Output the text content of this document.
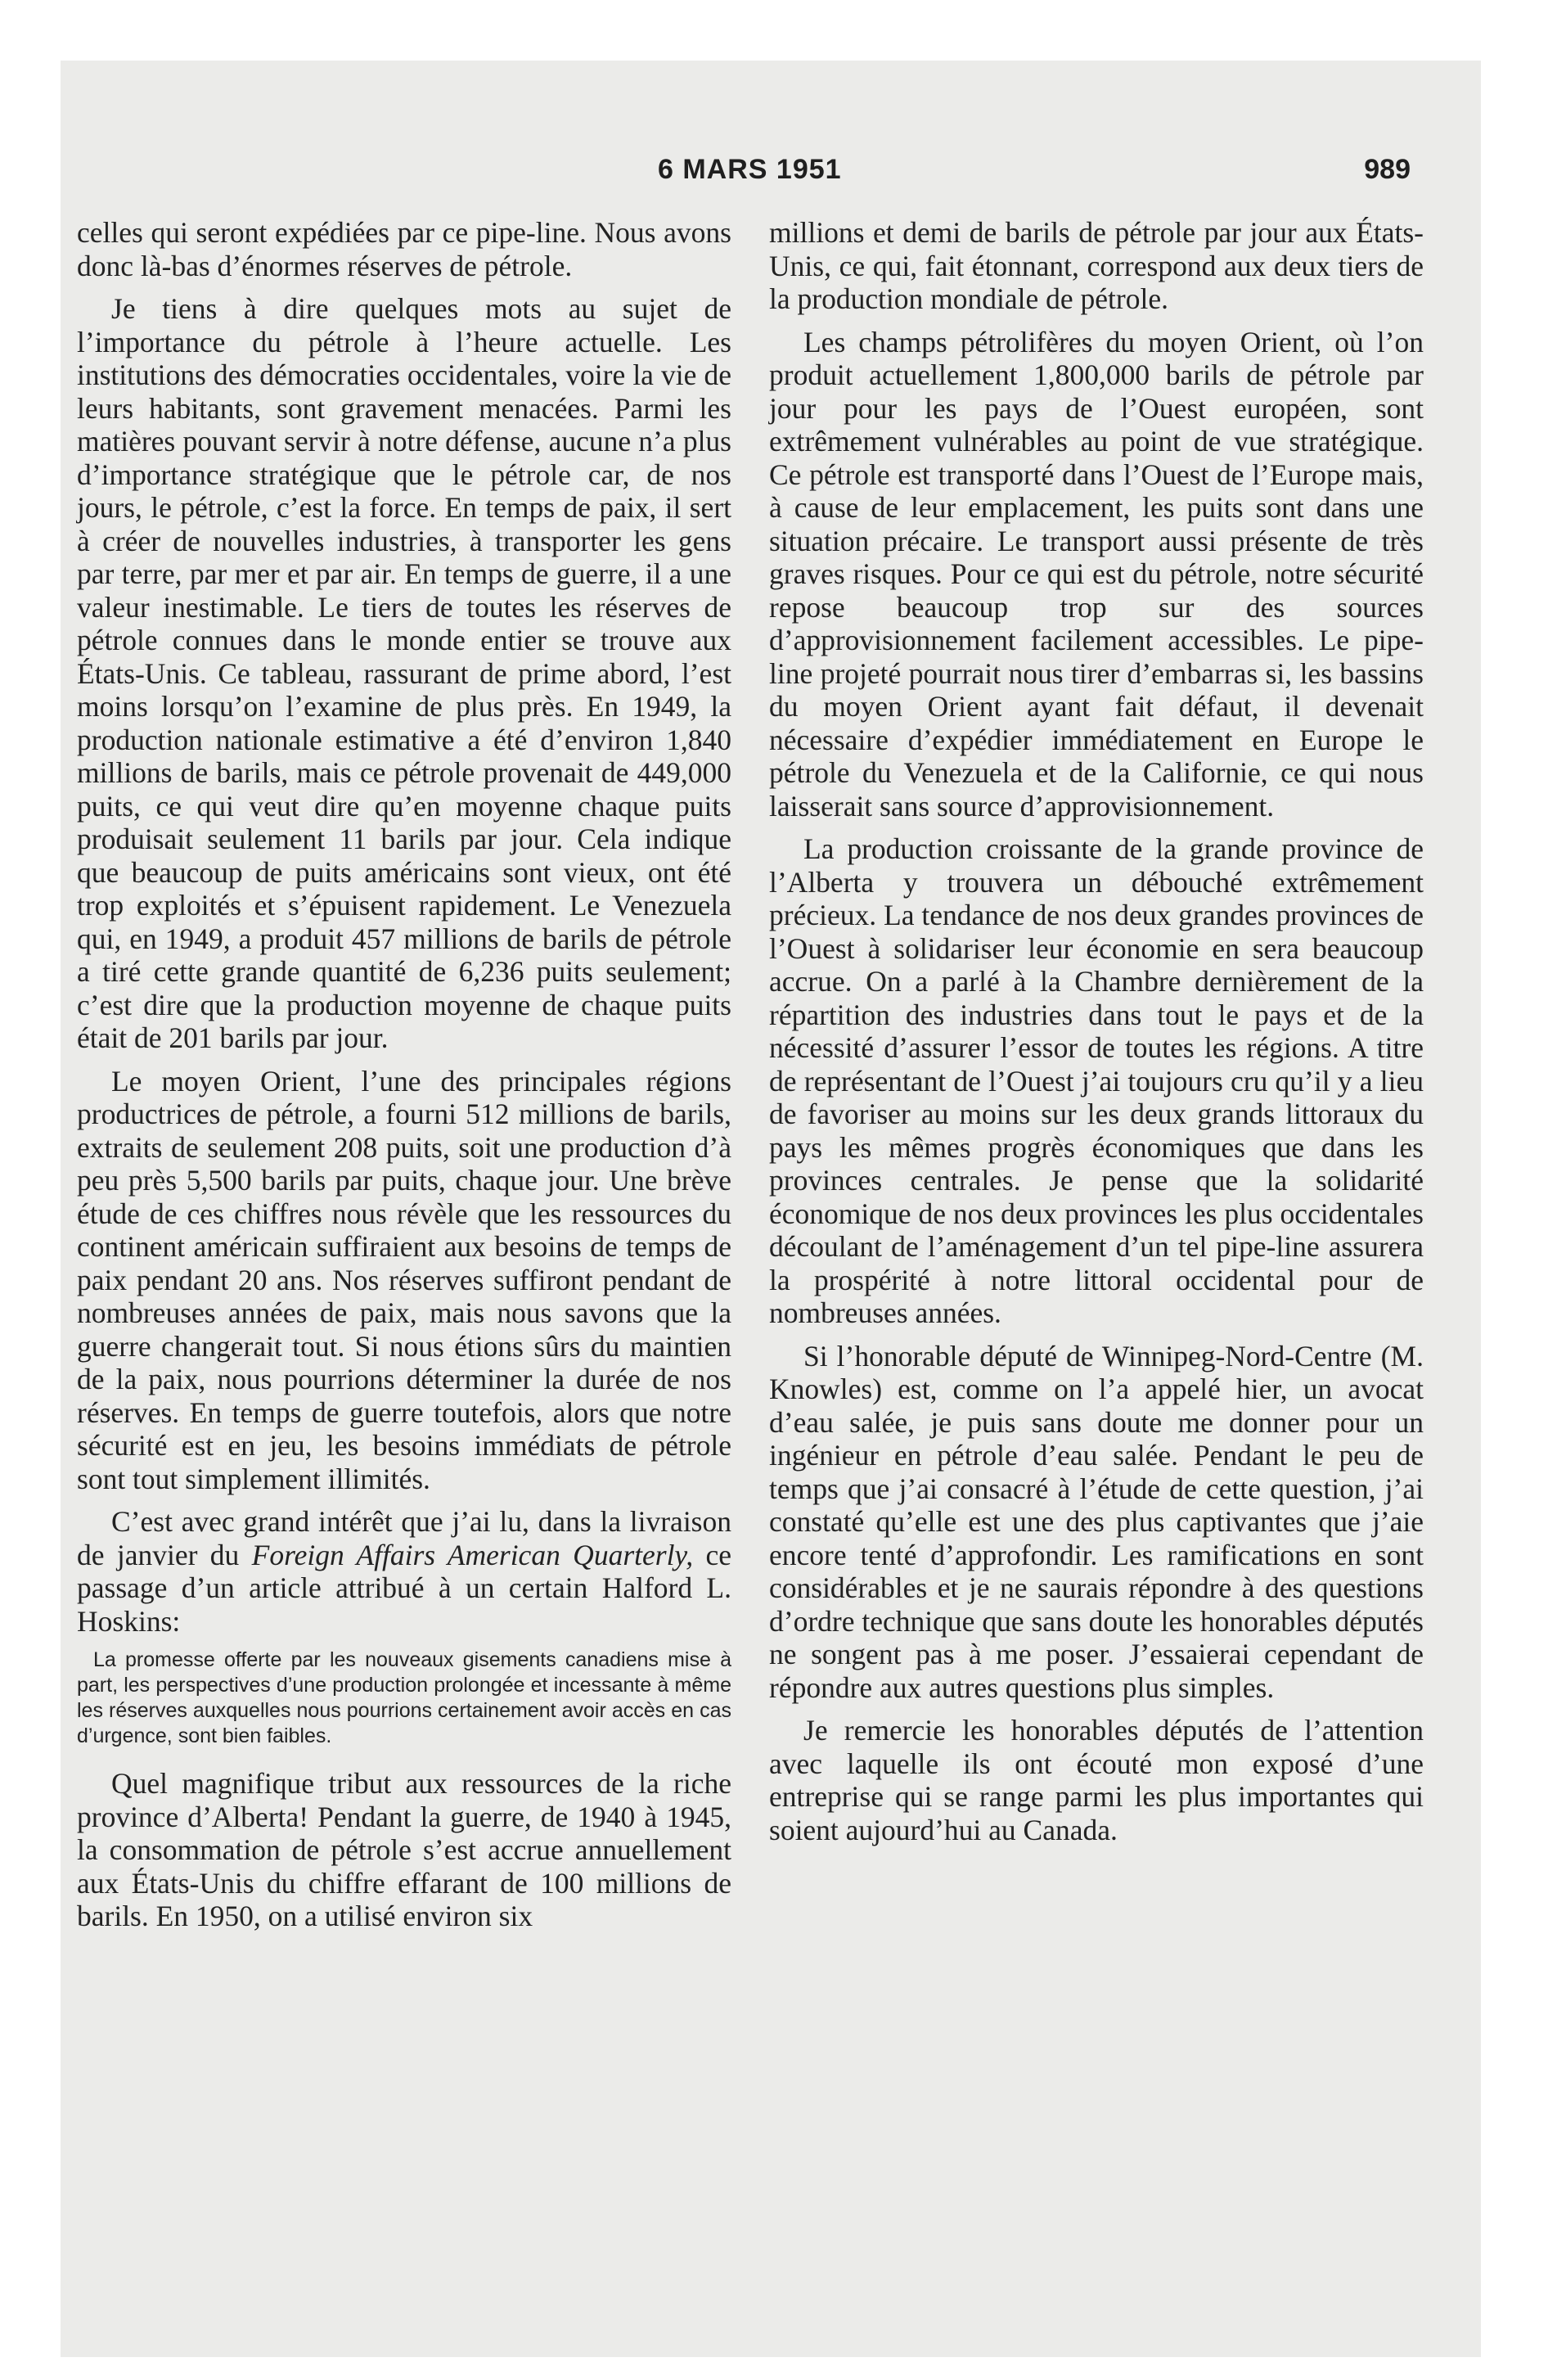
6 MARS 1951	989

celles qui seront expédiées par ce pipe-line. Nous avons donc là-bas d’énormes réserves de pétrole.

Je tiens à dire quelques mots au sujet de l’importance du pétrole à l’heure actuelle. Les institutions des démocraties occidentales, voire la vie de leurs habitants, sont gravement menacées. Parmi les matières pouvant servir à notre défense, aucune n’a plus d’importance stratégique que le pétrole car, de nos jours, le pétrole, c’est la force. En temps de paix, il sert à créer de nouvelles industries, à transporter les gens par terre, par mer et par air. En temps de guerre, il a une valeur inestimable. Le tiers de toutes les réserves de pétrole connues dans le monde entier se trouve aux États-Unis. Ce tableau, rassurant de prime abord, l’est moins lorsqu’on l’examine de plus près. En 1949, la production nationale estimative a été d’environ 1,840 millions de barils, mais ce pétrole provenait de 449,000 puits, ce qui veut dire qu’en moyenne chaque puits produisait seulement 11 barils par jour. Cela indique que beaucoup de puits américains sont vieux, ont été trop exploités et s’épuisent rapidement. Le Venezuela qui, en 1949, a produit 457 millions de barils de pétrole a tiré cette grande quantité de 6,236 puits seulement; c’est dire que la production moyenne de chaque puits était de 201 barils par jour.

Le moyen Orient, l’une des principales régions productrices de pétrole, a fourni 512 millions de barils, extraits de seulement 208 puits, soit une production d’à peu près 5,500 barils par puits, chaque jour. Une brève étude de ces chiffres nous révèle que les ressources du continent américain suffiraient aux besoins de temps de paix pendant 20 ans. Nos réserves suffiront pendant de nombreuses années de paix, mais nous savons que la guerre changerait tout. Si nous étions sûrs du maintien de la paix, nous pourrions déterminer la durée de nos réserves. En temps de guerre toutefois, alors que notre sécurité est en jeu, les besoins immédiats de pétrole sont tout simplement illimités.

C’est avec grand intérêt que j’ai lu, dans la livraison de janvier du Foreign Affairs American Quarterly, ce passage d’un article attribué à un certain Halford L. Hoskins:

La promesse offerte par les nouveaux gisements canadiens mise à part, les perspectives d’une production prolongée et incessante à même les réserves auxquelles nous pourrions certainement avoir accès en cas d’urgence, sont bien faibles.

Quel magnifique tribut aux ressources de la riche province d’Alberta! Pendant la guerre, de 1940 à 1945, la consommation de pétrole s’est accrue annuellement aux États-Unis du chiffre effarant de 100 millions de barils. En 1950, on a utilisé environ six

millions et demi de barils de pétrole par jour aux États-Unis, ce qui, fait étonnant, correspond aux deux tiers de la production mondiale de pétrole.

Les champs pétrolifères du moyen Orient, où l’on produit actuellement 1,800,000 barils de pétrole par jour pour les pays de l’Ouest européen, sont extrêmement vulnérables au point de vue stratégique. Ce pétrole est transporté dans l’Ouest de l’Europe mais, à cause de leur emplacement, les puits sont dans une situation précaire. Le transport aussi présente de très graves risques. Pour ce qui est du pétrole, notre sécurité repose beaucoup trop sur des sources d’approvisionnement facilement accessibles. Le pipe-line projeté pourrait nous tirer d’embarras si, les bassins du moyen Orient ayant fait défaut, il devenait nécessaire d’expédier immédiatement en Europe le pétrole du Venezuela et de la Californie, ce qui nous laisserait sans source d’approvisionnement.

La production croissante de la grande province de l’Alberta y trouvera un débouché extrêmement précieux. La tendance de nos deux grandes provinces de l’Ouest à solidariser leur économie en sera beaucoup accrue. On a parlé à la Chambre dernièrement de la répartition des industries dans tout le pays et de la nécessité d’assurer l’essor de toutes les régions. A titre de représentant de l’Ouest j’ai toujours cru qu’il y a lieu de favoriser au moins sur les deux grands littoraux du pays les mêmes progrès économiques que dans les provinces centrales. Je pense que la solidarité économique de nos deux provinces les plus occidentales découlant de l’aménagement d’un tel pipe-line assurera la prospérité à notre littoral occidental pour de nombreuses années.

Si l’honorable député de Winnipeg-Nord-Centre (M. Knowles) est, comme on l’a appelé hier, un avocat d’eau salée, je puis sans doute me donner pour un ingénieur en pétrole d’eau salée. Pendant le peu de temps que j’ai consacré à l’étude de cette question, j’ai constaté qu’elle est une des plus captivantes que j’aie encore tenté d’approfondir. Les ramifications en sont considérables et je ne saurais répondre à des questions d’ordre technique que sans doute les honorables députés ne songent pas à me poser. J’essaierai cependant de répondre aux autres questions plus simples.

Je remercie les honorables députés de l’attention avec laquelle ils ont écouté mon exposé d’une entreprise qui se range parmi les plus importantes qui soient aujourd’hui au Canada.
